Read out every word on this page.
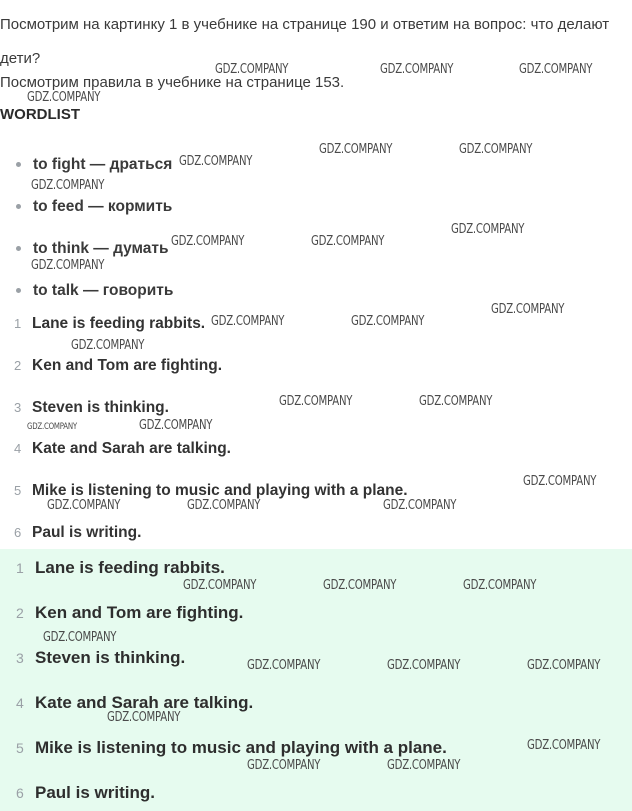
Посмотрим на картинку 1 в учебнике на странице 190 и ответим на вопрос: что делают дети?
Посмотрим правила в учебнике на странице 153.
WORDLIST
to fight — драться
to feed — кормить
to think — думать
to talk — говорить
1 Lane is feeding rabbits.
2 Ken and Tom are fighting.
3 Steven is thinking.
4 Kate and Sarah are talking.
5 Mike is listening to music and playing with a plane.
6 Paul is writing.
1 Lane is feeding rabbits.
2 Ken and Tom are fighting.
3 Steven is thinking.
4 Kate and Sarah are talking.
5 Mike is listening to music and playing with a plane.
6 Paul is writing.
GDZ.COMPANY	GDZ.COMPANY	GDZ.COMPANY
GDZ.COMPANY
GDZ.COMPANY	GDZ.COMPANY
GDZ.COMPANY
GDZ.COMPANY
GDZ.COMPANY
GDZ.COMPANY	GDZ.COMPANY
GDZ.COMPANY
GDZ.COMPANY
GDZ.COMPANY	GDZ.COMPANY
GDZ.COMPANY
GDZ.COMPANY	GDZ.COMPANY
GDZ.COMPANY
GDZ.COMPANY
GDZ.COMPANY
GDZ.COMPANY	GDZ.COMPANY	GDZ.COMPANY
GDZ.COMPANY	GDZ.COMPANY	GDZ.COMPANY
GDZ.COMPANY
GDZ.COMPANY	GDZ.COMPANY	GDZ.COMPANY
GDZ.COMPANY
GDZ.COMPANY
GDZ.COMPANY	GDZ.COMPANY
